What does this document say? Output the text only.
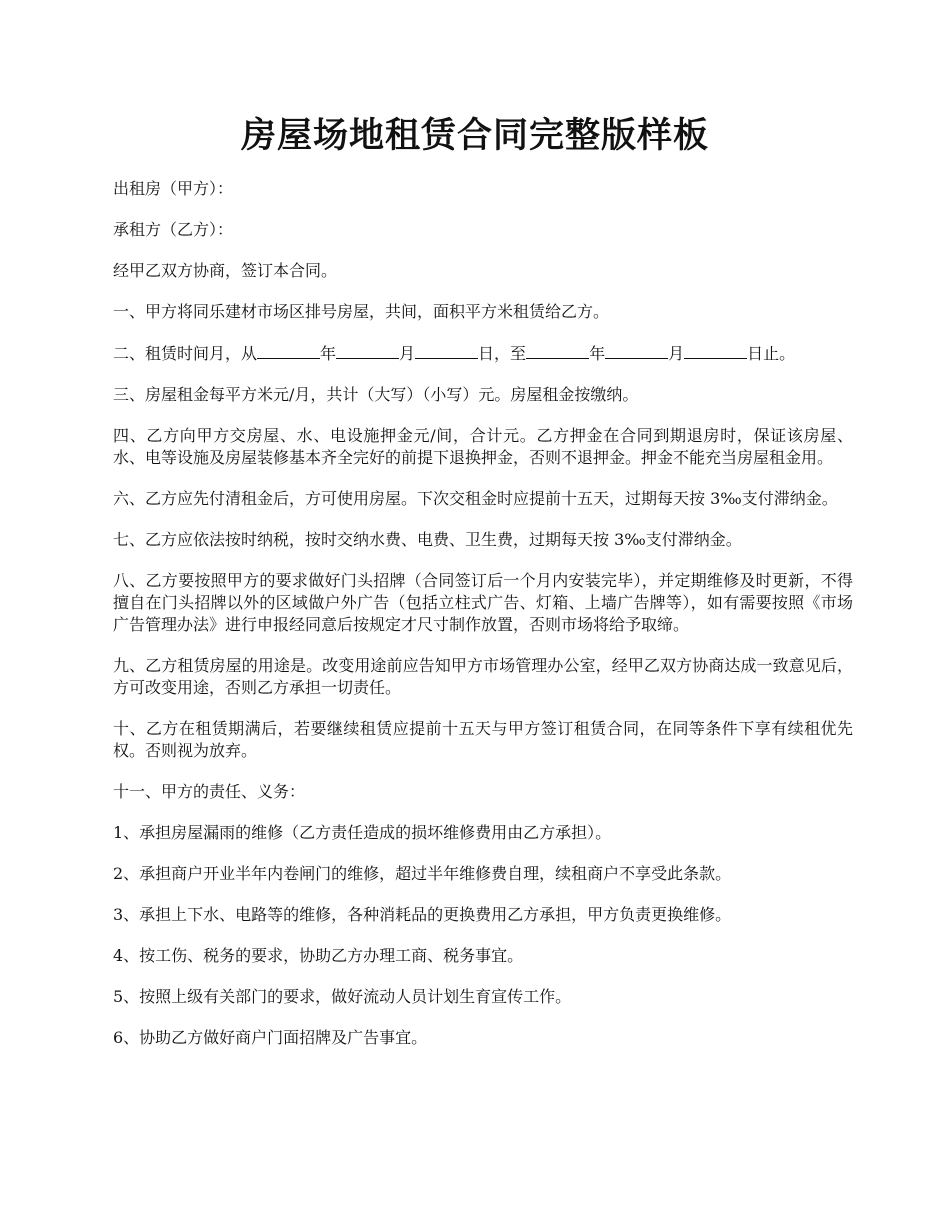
房屋场地租赁合同完整版样板

出租房（甲方）：

承租方（乙方）：

经甲乙双方协商，签订本合同。

一、甲方将同乐建材市场区排号房屋，共间，面积平方米租赁给乙方。

二、租赁时间月，从	年	月	日，至	年	月	日止。

三、房屋租金每平方米元/月，共计（大写）（小写）元。房屋租金按缴纳。

四、乙方向甲方交房屋、水、电设施押金元/间，合计元。乙方押金在合同到期退房时，保证该房屋、水、电等设施及房屋装修基本齐全完好的前提下退换押金，否则不退押金。押金不能充当房屋租金用。

六、乙方应先付清租金后，方可使用房屋。下次交租金时应提前十五天，过期每天按 3‰支付滞纳金。

七、乙方应依法按时纳税，按时交纳水费、电费、卫生费，过期每天按 3‰支付滞纳金。

八、乙方要按照甲方的要求做好门头招牌（合同签订后一个月内安装完毕），并定期维修及时更新，不得擅自在门头招牌以外的区域做户外广告（包括立柱式广告、灯箱、上墙广告牌等），如有需要按照《市场广告管理办法》进行申报经同意后按规定才尺寸制作放置，否则市场将给予取缔。

九、乙方租赁房屋的用途是。改变用途前应告知甲方市场管理办公室，经甲乙双方协商达成一致意见后，方可改变用途，否则乙方承担一切责任。

十、乙方在租赁期满后，若要继续租赁应提前十五天与甲方签订租赁合同，在同等条件下享有续租优先权。否则视为放弃。

十一、甲方的责任、义务：

1、承担房屋漏雨的维修（乙方责任造成的损坏维修费用由乙方承担）。

2、承担商户开业半年内卷闸门的维修，超过半年维修费自理，续租商户不享受此条款。

3、承担上下水、电路等的维修，各种消耗品的更换费用乙方承担，甲方负责更换维修。

4、按工伤、税务的要求，协助乙方办理工商、税务事宜。

5、按照上级有关部门的要求，做好流动人员计划生育宣传工作。

6、协助乙方做好商户门面招牌及广告事宜。
